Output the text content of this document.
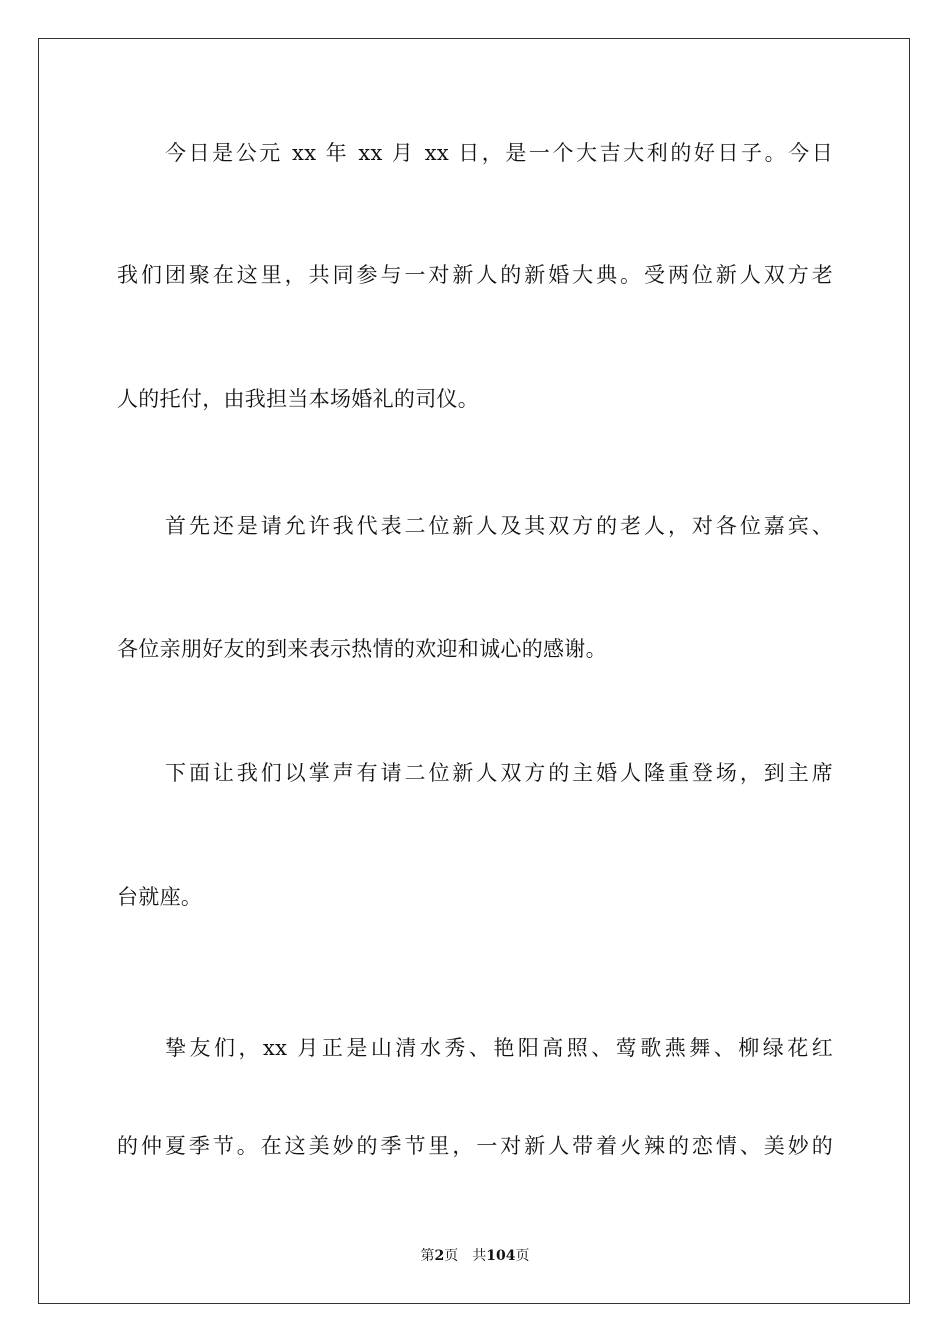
今日是公元 xx 年 xx 月 xx 日，是一个大吉大利的好日子。今日
我们团聚在这里，共同参与一对新人的新婚大典。受两位新人双方老
人的托付，由我担当本场婚礼的司仪。
首先还是请允许我代表二位新人及其双方的老人，对各位嘉宾、
各位亲朋好友的到来表示热情的欢迎和诚心的感谢。
下面让我们以掌声有请二位新人双方的主婚人隆重登场，到主席
台就座。
挚友们，xx 月正是山清水秀、艳阳高照、莺歌燕舞、柳绿花红
的仲夏季节。在这美妙的季节里，一对新人带着火辣的恋情、美妙的
第2页 共104页
